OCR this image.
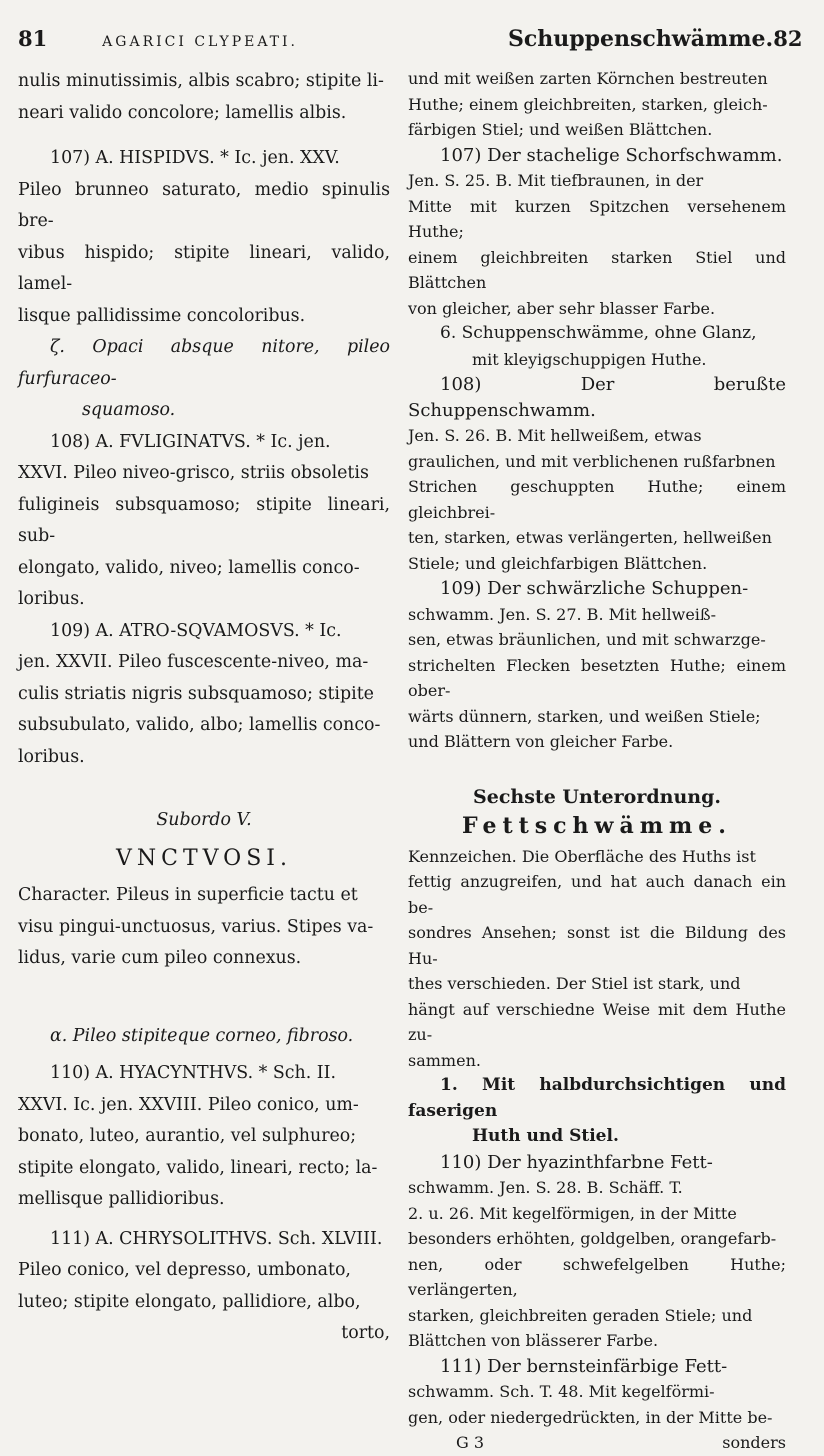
81	AGARICI CLYPEATI.

nulis minutissimis, albis scabro; stipite li-

neari valido concolore; lamellis albis.

107) A. HISPIDVS. * Ic. jen. XXV.

Pileo brunneo saturato, medio spinulis bre-

vibus hispido; stipite lineari, valido, lamel-

lisque pallidissime concoloribus.

ζ. Opaci absque nitore, pileo furfuraceo-

squamoso.

108) A. FVLIGINATVS. * Ic. jen.

XXVI. Pileo niveo-grisco, striis obsoletis

fuligineis subsquamoso; stipite lineari, sub-

elongato, valido, niveo; lamellis conco-

loribus.

109) A. ATRO-SQVAMOSVS. * Ic.

jen. XXVII. Pileo fuscescente-niveo, ma-

culis striatis nigris subsquamoso; stipite

subsubulato, valido, albo; lamellis conco-

loribus.

Subordo V.

VNCTVOSI.

Character. Pileus in superficie tactu et

visu pingui-unctuosus, varius. Stipes va-

lidus, varie cum pileo connexus.

α. Pileo stipiteque corneo, fibroso.

110) A. HYACYNTHVS. * Sch. II.

XXVI. Ic. jen. XXVIII. Pileo conico, um-

bonato, luteo, aurantio, vel sulphureo;

stipite elongato, valido, lineari, recto; la-

mellisque pallidioribus.

111) A. CHRYSOLITHVS. Sch. XLVIII.

Pileo conico, vel depresso, umbonato,

luteo; stipite elongato, pallidiore, albo,

torto,

Schuppenschwämme. 82

und mit weißen zarten Körnchen bestreuten

Huthe; einem gleichbreiten, starken, gleich-

färbigen Stiel; und weißen Blättchen.

107) Der stachelige Schorfschwamm.

Jen. S. 25. B. Mit tiefbraunen, in der

Mitte mit kurzen Spitzchen versehenem Huthe;

einem gleichbreiten starken Stiel und Blättchen

von gleicher, aber sehr blasser Farbe.

6. Schuppenschwämme, ohne Glanz,

mit kleyigschuppigen Huthe.

108) Der berußte Schuppenschwamm.

Jen. S. 26. B. Mit hellweißem, etwas

graulichen, und mit verblichenen rußfarbnen

Strichen geschuppten Huthe; einem gleichbrei-

ten, starken, etwas verlängerten, hellweißen

Stiele; und gleichfarbigen Blättchen.

109) Der schwärzliche Schuppen-

schwamm. Jen. S. 27. B. Mit hellweiß-

sen, etwas bräunlichen, und mit schwarzge-

strichelten Flecken besetzten Huthe; einem ober-

wärts dünnern, starken, und weißen Stiele;

und Blättern von gleicher Farbe.

Sechste Unterordnung.

Fettschwämme.

Kennzeichen. Die Oberfläche des Huths ist

fettig anzugreifen, und hat auch danach ein be-

sondres Ansehen; sonst ist die Bildung des Hu-

thes verschieden. Der Stiel ist stark, und

hängt auf verschiedne Weise mit dem Huthe zu-

sammen.

1. Mit halbdurchsichtigen und faserigen

Huth und Stiel.

110) Der hyazinthfarbne Fett-

schwamm. Jen. S. 28. B. Schäff. T.

2. u. 26. Mit kegelförmigen, in der Mitte

besonders erhöhten, goldgelben, orangefarb-

nen, oder schwefelgelben Huthe; verlängerten,

starken, gleichbreiten geraden Stiele; und

Blättchen von blässerer Farbe.

111) Der bernsteinfärbige Fett-

schwamm. Sch. T. 48. Mit kegelförmi-

gen, oder niedergedrückten, in der Mitte be-

G 3	sonders
